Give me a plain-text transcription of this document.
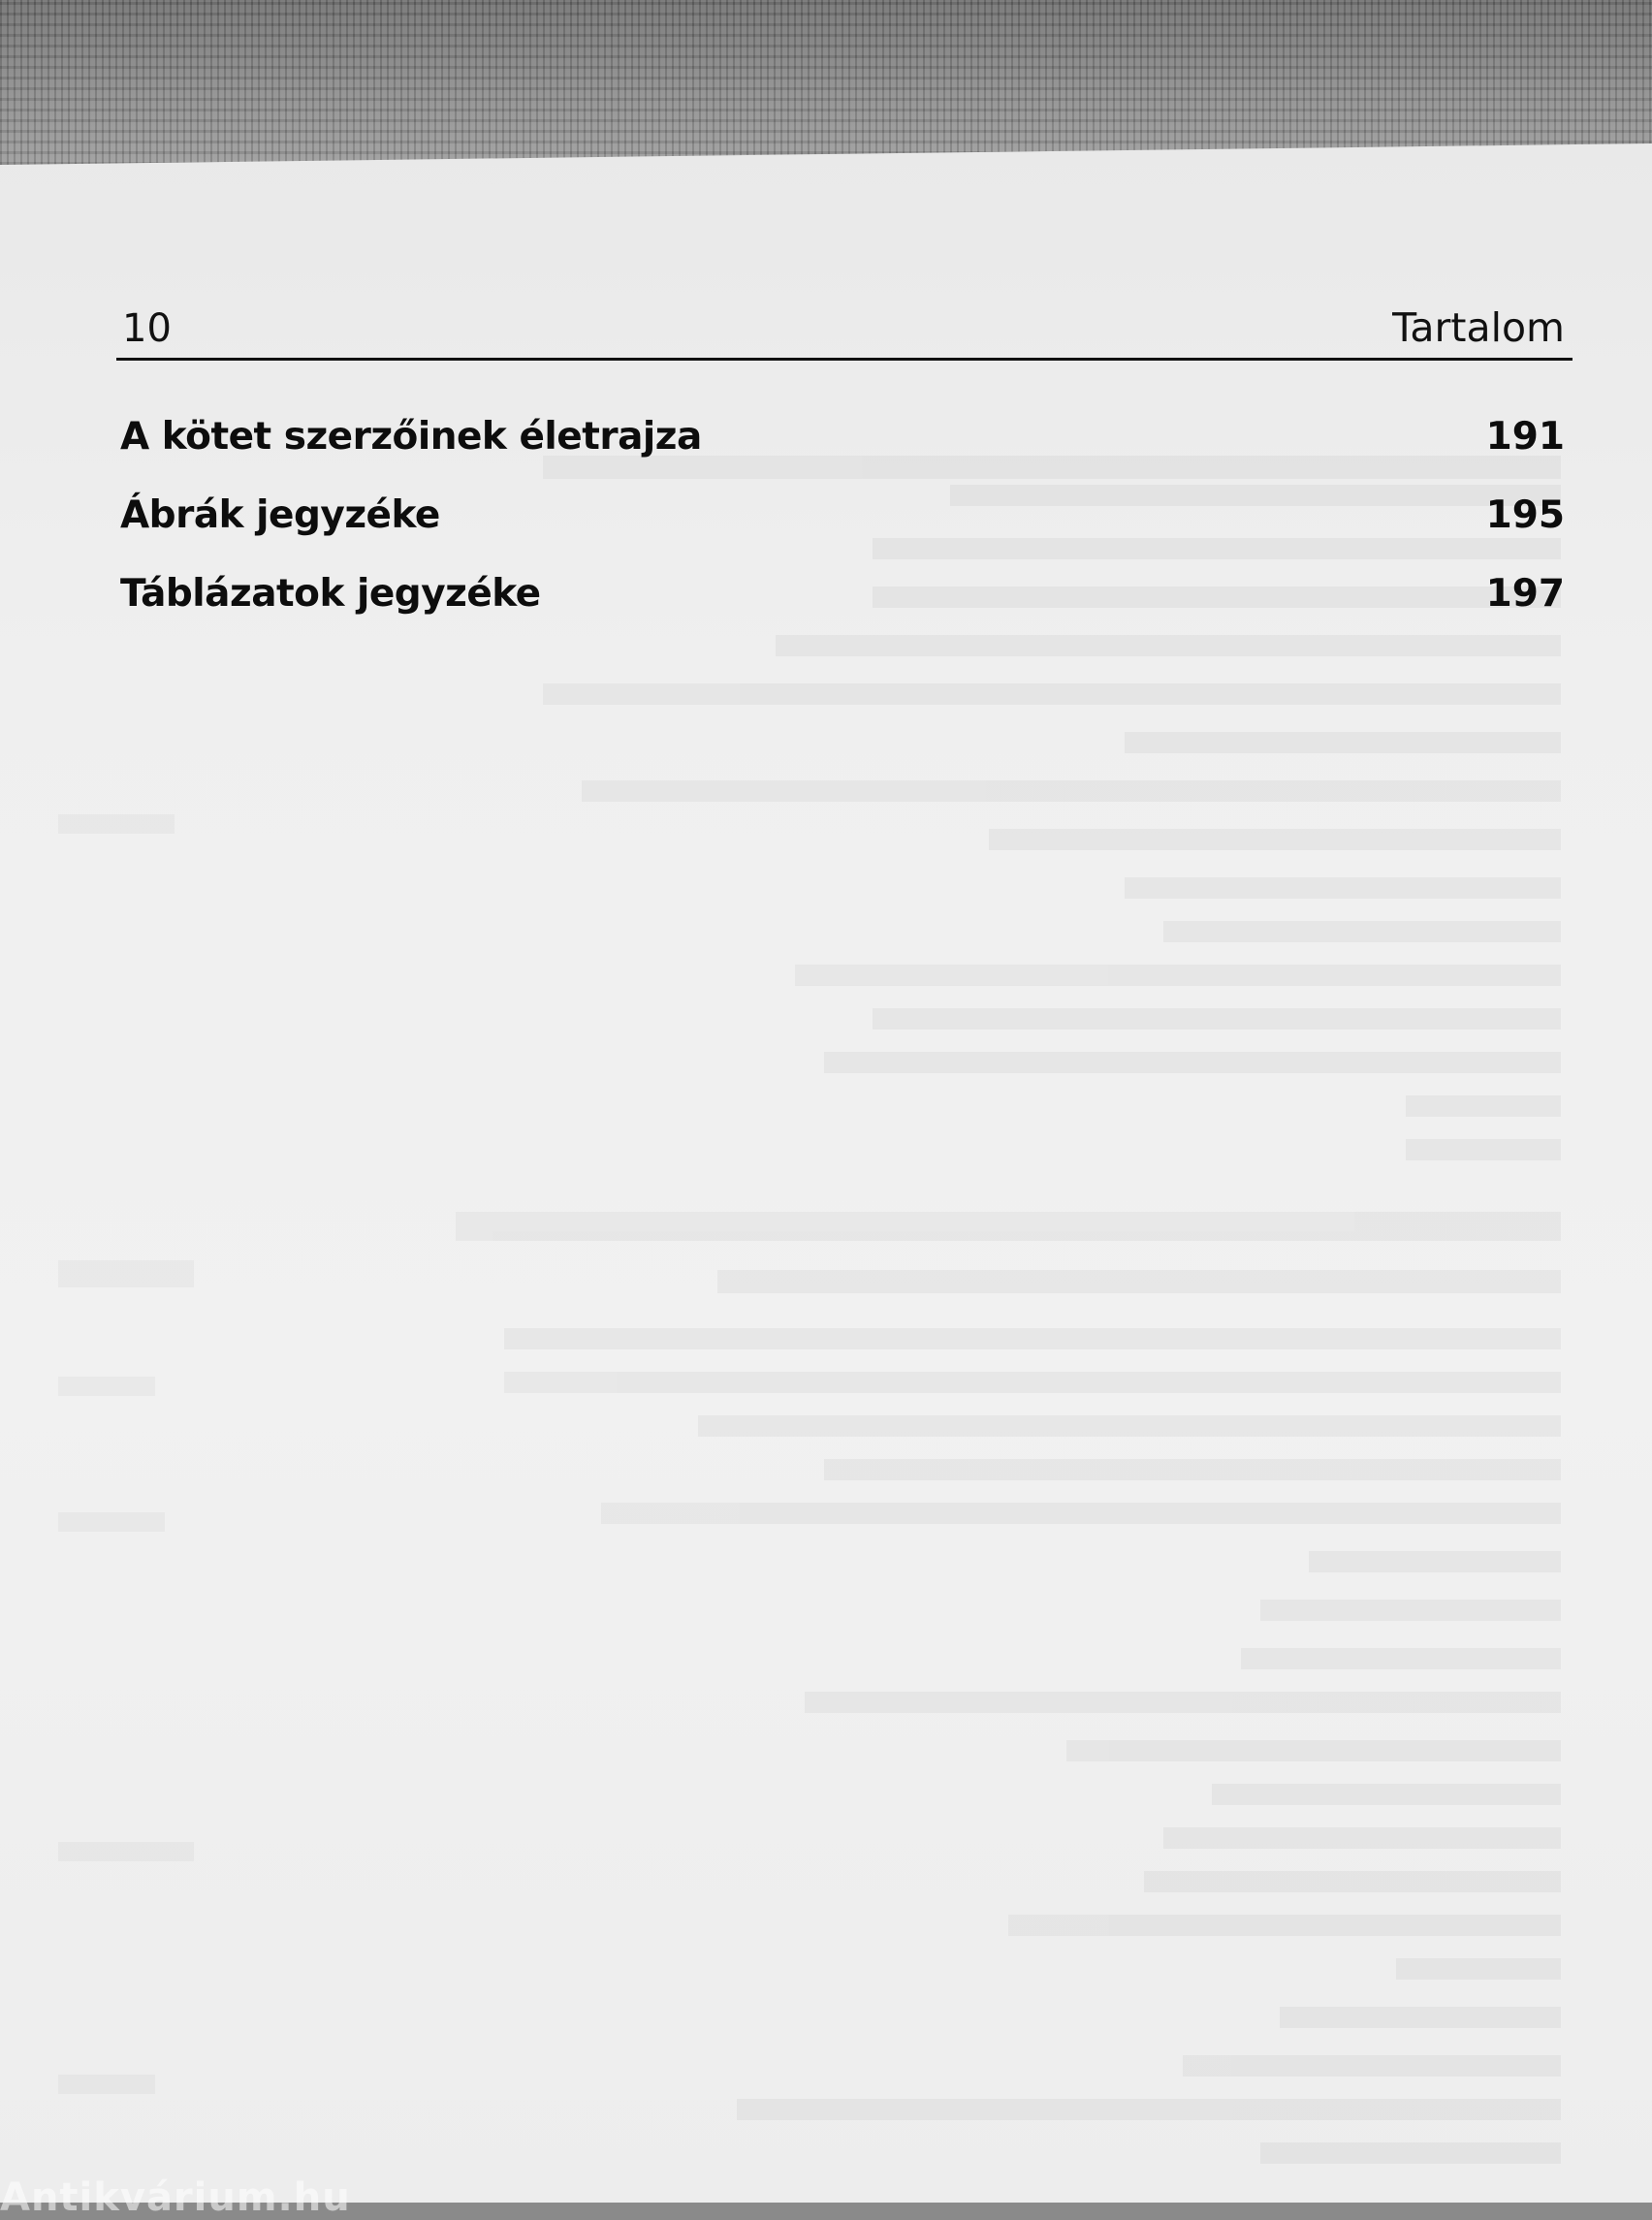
10	Tartalom
A kötet szerzőinek életrajza	191
Ábrák jegyzéke	195
Táblázatok jegyzéke	197
Antikvárium.hu
